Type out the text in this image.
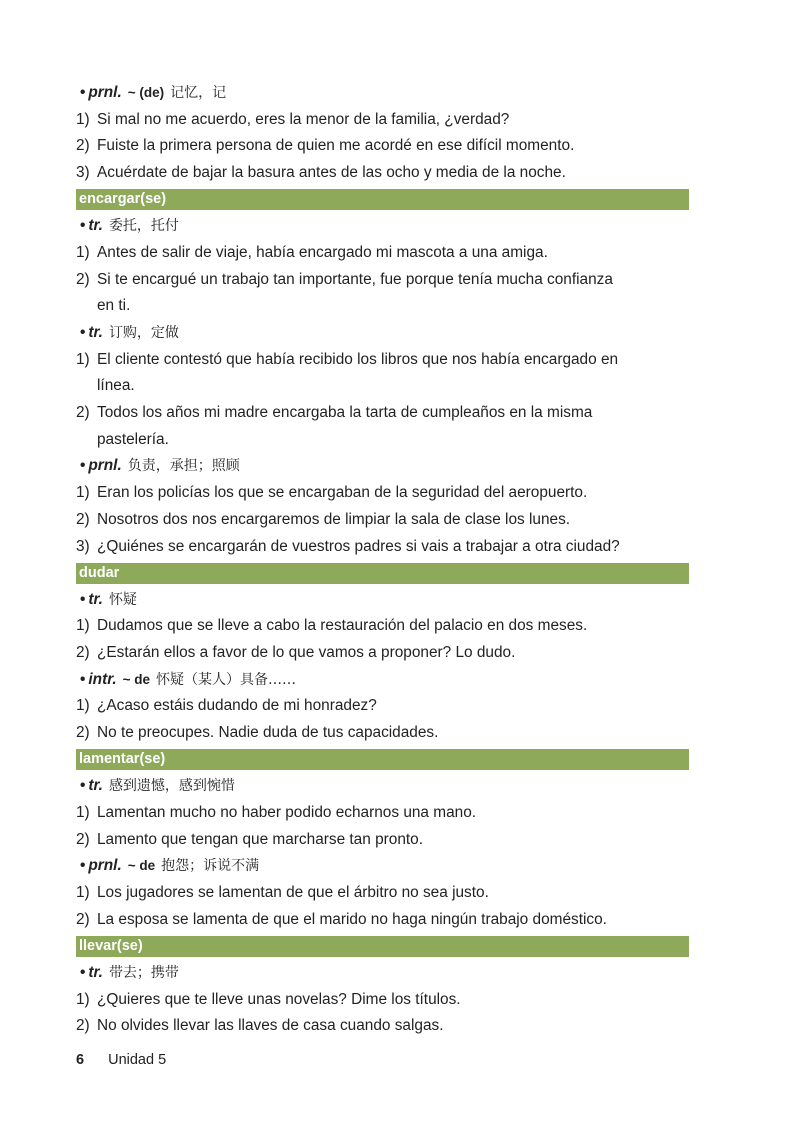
• prnl. ~ (de) 记忆，记
1) Si mal no me acuerdo, eres la menor de la familia, ¿verdad?
2) Fuiste la primera persona de quien me acordé en ese difícil momento.
3) Acuérdate de bajar la basura antes de las ocho y media de la noche.
encargar(se)
• tr. 委托，托付
1) Antes de salir de viaje, había encargado mi mascota a una amiga.
2) Si te encargué un trabajo tan importante, fue porque tenía mucha confianza
en ti.
• tr. 订购，定做
1) El cliente contestó que había recibido los libros que nos había encargado en
línea.
2) Todos los años mi madre encargaba la tarta de cumpleaños en la misma
pastelería.
• prnl. 负责，承担；照顾
1) Eran los policías los que se encargaban de la seguridad del aeropuerto.
2) Nosotros dos nos encargaremos de limpiar la sala de clase los lunes.
3) ¿Quiénes se encargarán de vuestros padres si vais a trabajar a otra ciudad?
dudar
• tr. 怀疑
1) Dudamos que se lleve a cabo la restauración del palacio en dos meses.
2) ¿Estarán ellos a favor de lo que vamos a proponer? Lo dudo.
• intr. ~ de 怀疑（某人）具备……
1) ¿Acaso estáis dudando de mi honradez?
2) No te preocupes. Nadie duda de tus capacidades.
lamentar(se)
• tr. 感到遗憾，感到惋惜
1) Lamentan mucho no haber podido echarnos una mano.
2) Lamento que tengan que marcharse tan pronto.
• prnl. ~ de 抱怨；诉说不满
1) Los jugadores se lamentan de que el árbitro no sea justo.
2) La esposa se lamenta de que el marido no haga ningún trabajo doméstico.
llevar(se)
• tr. 带去；携带
1) ¿Quieres que te lleve unas novelas? Dime los títulos.
2) No olvides llevar las llaves de casa cuando salgas.
6 Unidad 5
